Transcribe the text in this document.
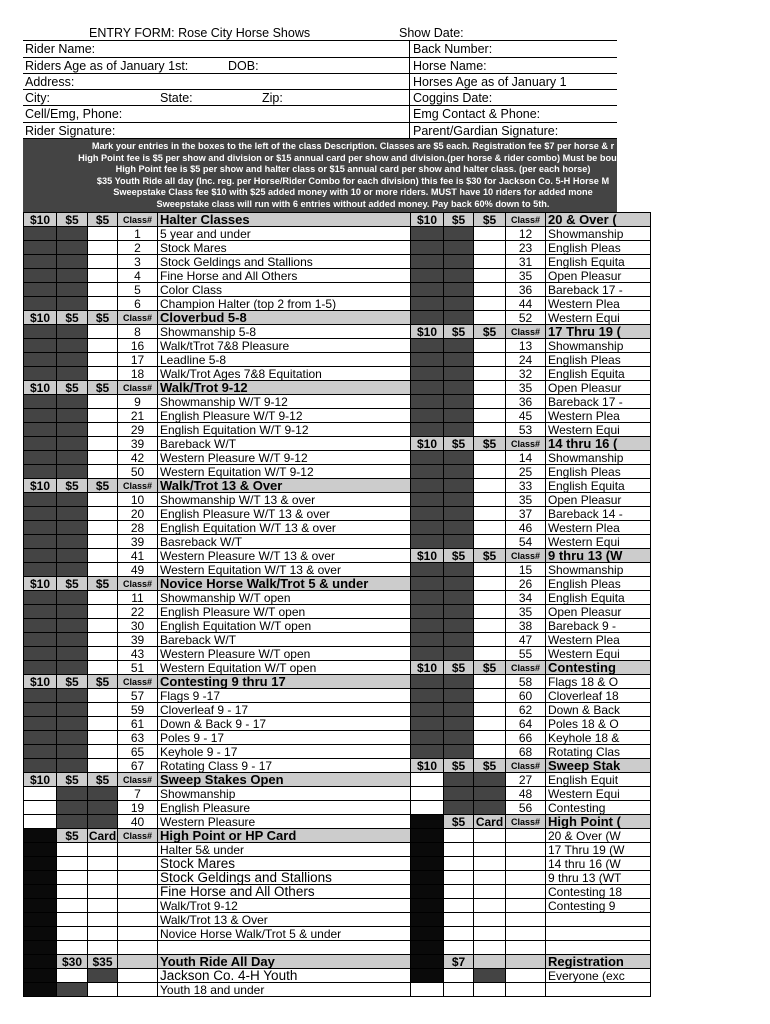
ENTRY FORM: Rose City Horse Shows	Show Date:
Rider Name:	Back Number:
Riders Age as of January 1st:	DOB:	Horse Name:
Address:	Horses Age as of January 1
City:	State:	Zip:	Coggins Date:
Cell/Emg, Phone:	Emg Contact & Phone:
Rider Signature:	Parent/Gardian Signature:
Mark your entries in the boxes to the left of the class Description. Classes are $5 each. Registration fee $7 per horse & r
High Point fee is $5 per show and division or $15 annual card per show and division.(per horse & rider combo) Must be bough
High Point fee is $5 per show and halter class or $15 annual card per show and halter class. (per each horse)
$35 Youth Ride all day (Inc. reg. per Horse/Rider Combo for each division) this fee is $30 for Jackson Co. 5-H Horse M
Sweepstake Class fee $10 with $25 added money with 10 or more riders. MUST have 10 riders for added mone
Sweepstake class will run with 6 entries without added money. Pay back 60% down to 5th.
$10	$5	$5	Class#	Halter Classes
			1	5 year and under
			2	Stock Mares
			3	Stock Geldings and Stallions
			4	Fine Horse and All Others
			5	Color Class
			6	Champion Halter (top 2 from 1-5)
$10	$5	$5	Class#	Cloverbud 5-8
			8	Showmanship 5-8
			16	Walk/tTrot 7&8 Pleasure
			17	Leadline 5-8
			18	Walk/Trot Ages 7&8 Equitation
$10	$5	$5	Class#	Walk/Trot 9-12
			9	Showmanship W/T 9-12
			21	English Pleasure W/T 9-12
			29	English Equitation W/T 9-12
			39	Bareback W/T
			42	Western Pleasure W/T 9-12
			50	Western Equitation W/T 9-12
$10	$5	$5	Class#	Walk/Trot 13 & Over
			10	Showmanship W/T 13 & over
			20	English Pleasure W/T 13 & over
			28	English Equitation W/T 13 & over
			39	Basreback W/T
			41	Western Pleasure W/T 13 & over
			49	Western Equitation W/T 13 & over
$10	$5	$5	Class#	Novice Horse Walk/Trot 5 & under
			11	Showmanship W/T open
			22	English Pleasure W/T open
			30	English Equitation W/T open
			39	Bareback W/T
			43	Western Pleasure W/T open
			51	Western Equitation W/T open
$10	$5	$5	Class#	Contesting 9 thru 17
			57	Flags 9 -17
			59	Cloverleaf 9 - 17
			61	Down & Back 9 - 17
			63	Poles 9 - 17
			65	Keyhole 9 - 17
			67	Rotating Class 9 - 17
$10	$5	$5	Class#	Sweep Stakes Open
			7	Showmanship
			19	English Pleasure
			40	Western Pleasure
	$5	Card	Class#	High Point or HP Card
				Halter 5& under
				Stock Mares
				Stock Geldings and Stallions
				Fine Horse and All Others
				Walk/Trot 9-12
				Walk/Trot 13 & Over
				Novice Horse Walk/Trot 5 & under

	$30	$35		Youth Ride All Day
				Jackson Co. 4-H Youth
				Youth 18 and under
$10	$5	$5	Class#	20 & Over (
			12	Showmanship
			23	English Pleas
			31	English Equita
			35	Open Pleasur
			36	Bareback 17 -
			44	Western Plea
			52	Western Equi
$10	$5	$5	Class#	17 Thru 19 (
			13	Showmanship
			24	English Pleas
			32	English Equita
			35	Open Pleasur
			36	Bareback 17 -
			45	Western Plea
			53	Western Equi
$10	$5	$5	Class#	14 thru 16 (
			14	Showmanship
			25	English Pleas
			33	English Equita
			35	Open Pleasur
			37	Bareback 14 -
			46	Western Plea
			54	Western Equi
$10	$5	$5	Class#	9 thru 13 (W
			15	Showmanship
			26	English Pleas
			34	English Equita
			35	Open Pleasur
			38	Bareback 9 -
			47	Western Plea
			55	Western Equi
$10	$5	$5	Class#	Contesting
			58	Flags 18 & O
			60	Cloverleaf 18
			62	Down & Back
			64	Poles 18 & O
			66	Keyhole 18 &
			68	Rotating Clas
$10	$5	$5	Class#	Sweep Stak
			27	English Equit
			48	Western Equi
			56	Contesting
	$5	Card	Class#	High Point (
				20 & Over (W
				17 Thru 19 (W
				14 thru 16 (W
				9 thru 13 (WT
				Contesting 18
				Contesting 9

	$7			Registration
				Everyone (exc
